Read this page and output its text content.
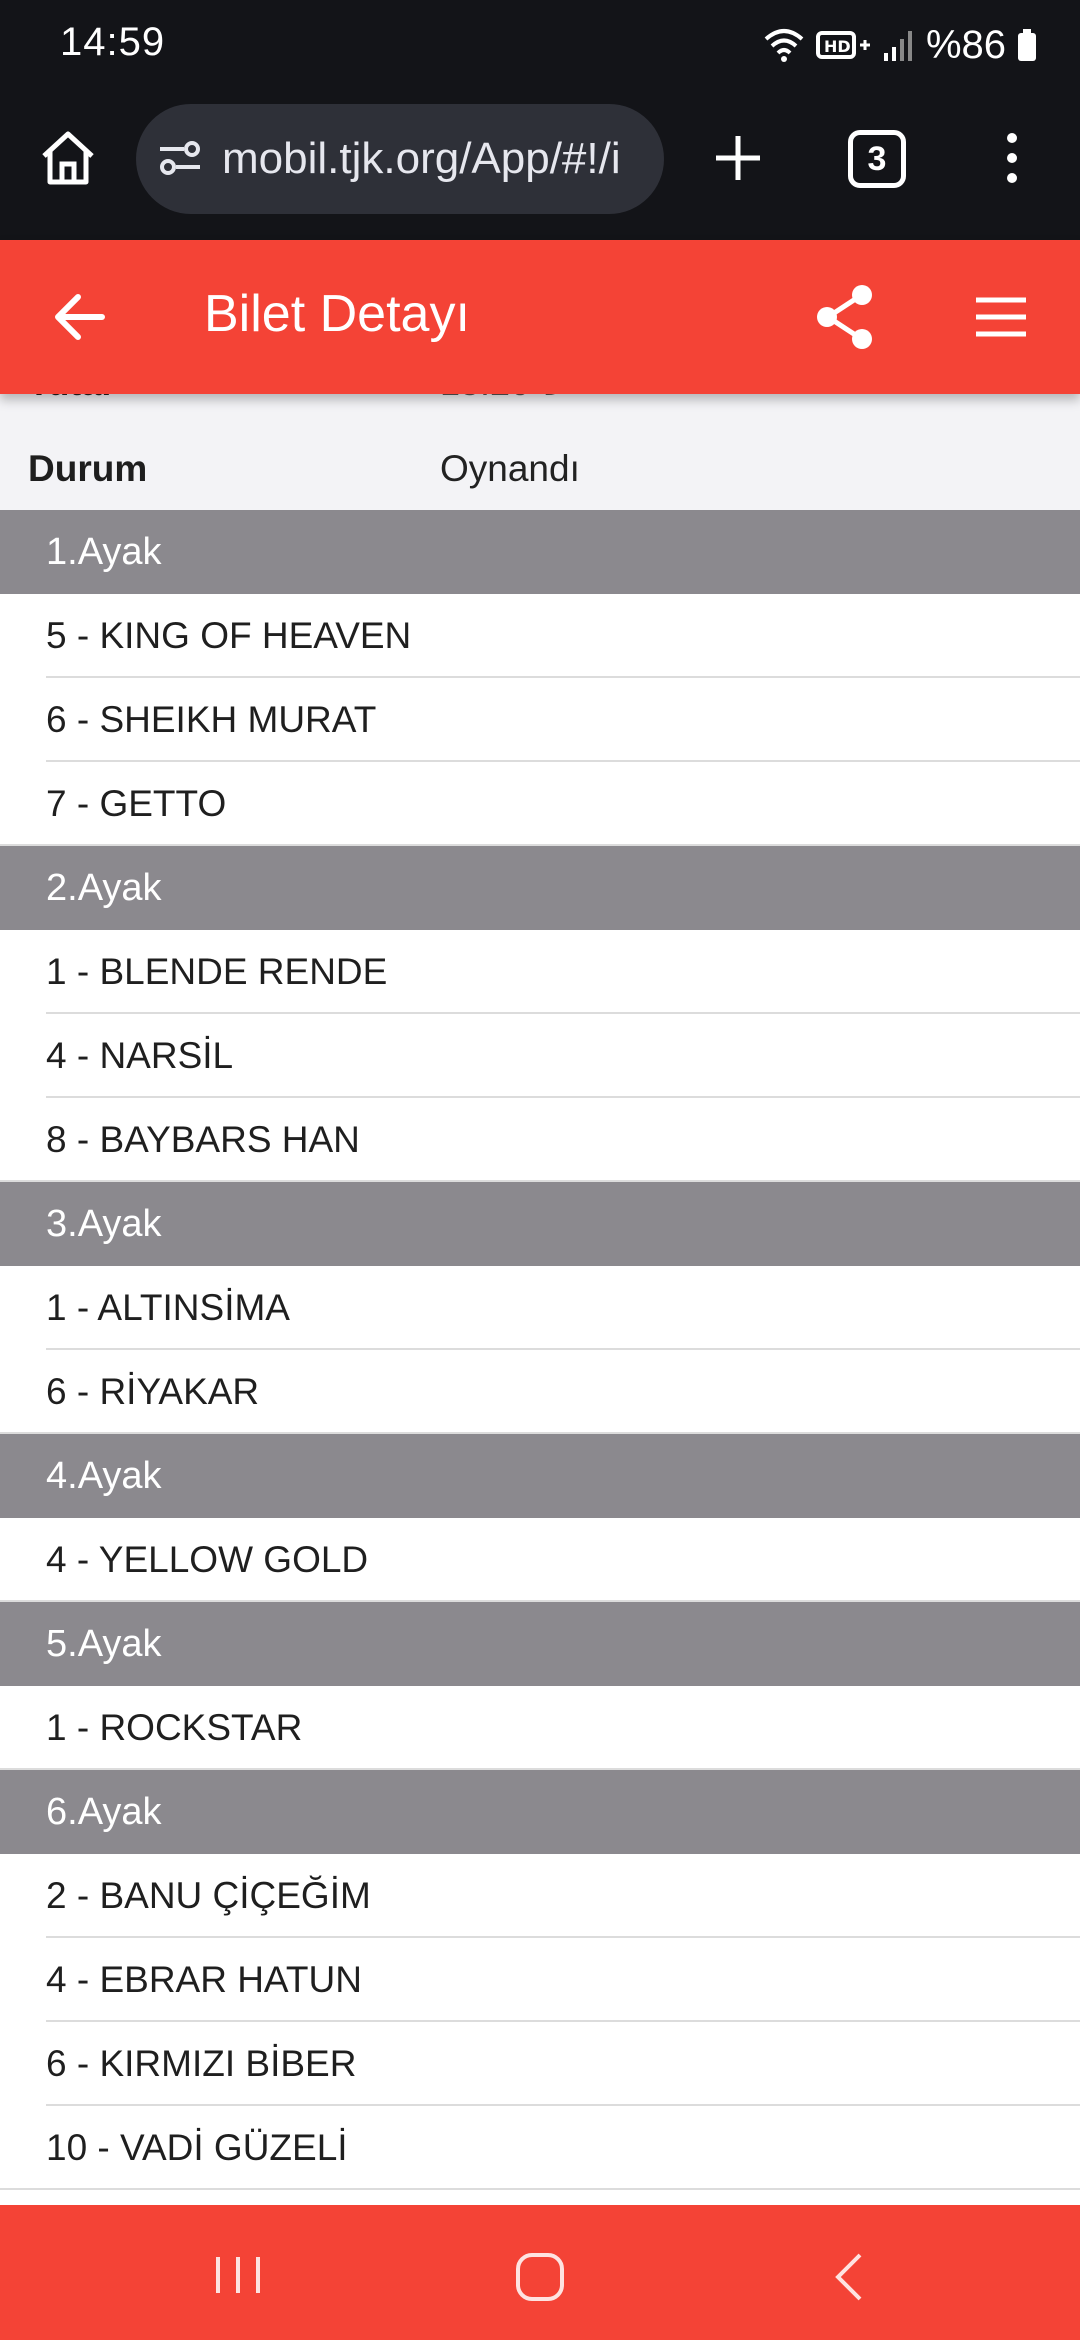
14:59	HD %86
mobil.tjk.org/App/#!/i	3
Bilet Detayı
Durum	Oynandı
1.Ayak
5 - KING OF HEAVEN
6 - SHEIKH MURAT
7 - GETTO
2.Ayak
1 - BLENDE RENDE
4 - NARSİL
8 - BAYBARS HAN
3.Ayak
1 - ALTINSİMA
6 - RİYAKAR
4.Ayak
4 - YELLOW GOLD
5.Ayak
1 - ROCKSTAR
6.Ayak
2 - BANU ÇİÇEĞİM
4 - EBRAR HATUN
6 - KIRMIZI BİBER
10 - VADİ GÜZELİ
